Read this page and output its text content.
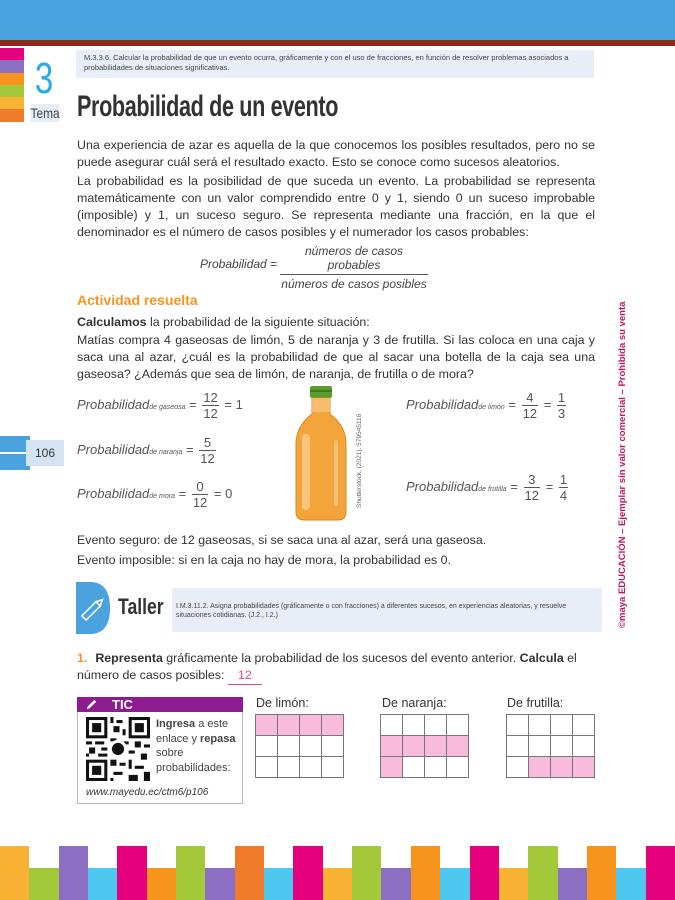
3
Tema
M.3.3.6. Calcular la probabilidad de que un evento ocurra, gráficamente y con el uso de fracciones, en función de resolver problemas asociados a probabilidades de situaciones significativas.
Probabilidad de un evento
Una experiencia de azar es aquella de la que conocemos los posibles resultados, pero no se puede asegurar cuál será el resultado exacto. Esto se conoce como sucesos aleatorios.
La probabilidad es la posibilidad de que suceda un evento. La probabilidad se representa matemáticamente con un valor comprendido entre 0 y 1, siendo 0 un suceso improbable (imposible) y 1, un suceso seguro. Se representa mediante una fracción, en la que el denominador es el número de casos posibles y el numerador los casos probables:
Probabilidad =
números de casos probables
números de casos posibles
Actividad resuelta
Calculamos la probabilidad de la siguiente situación:
Matías compra 4 gaseosas de limón, 5 de naranja y 3 de frutilla. Si las coloca en una caja y saca una al azar, ¿cuál es la probabilidad de que al sacar una botella de la caja sea una gaseosa? ¿Además que sea de limón, de naranja, de frutilla o de mora?
Probabilidadde gaseosa = $\frac{12}{12} = 1$
Probabilidadde naranja = $\frac{5}{12}$
Probabilidadde mora = $\frac{0}{12} = 0$
Probabilidadde limón = $\frac{4}{12} = \frac{1}{3}$
Probabilidadde frutilla = $\frac{3}{12} = \frac{1}{4}$
Shutterstock, (2021). 579545116
Evento seguro: de 12 gaseosas, si se saca una al azar, será una gaseosa.
Evento imposible: si en la caja no hay de mora, la probabilidad es 0.
106
©maya EDUCACIÓN – Ejemplar sin valor comercial – Prohibida su venta
Taller	I.M.3.11.2. Asigna probabilidades (gráficamente o con fracciones) a diferentes sucesos, en experiencias aleatorias, y resuelve situaciones cotidianas. (J.2., I.2.)
1. Representa gráficamente la probabilidad de los sucesos del evento anterior. Calcula el número de casos posibles: 12
TIC
Ingresa a este enlace y repasa sobre probabilidades:
www.mayedu.ec/ctm6/p106
De limón:	De naranja:	De frutilla:
